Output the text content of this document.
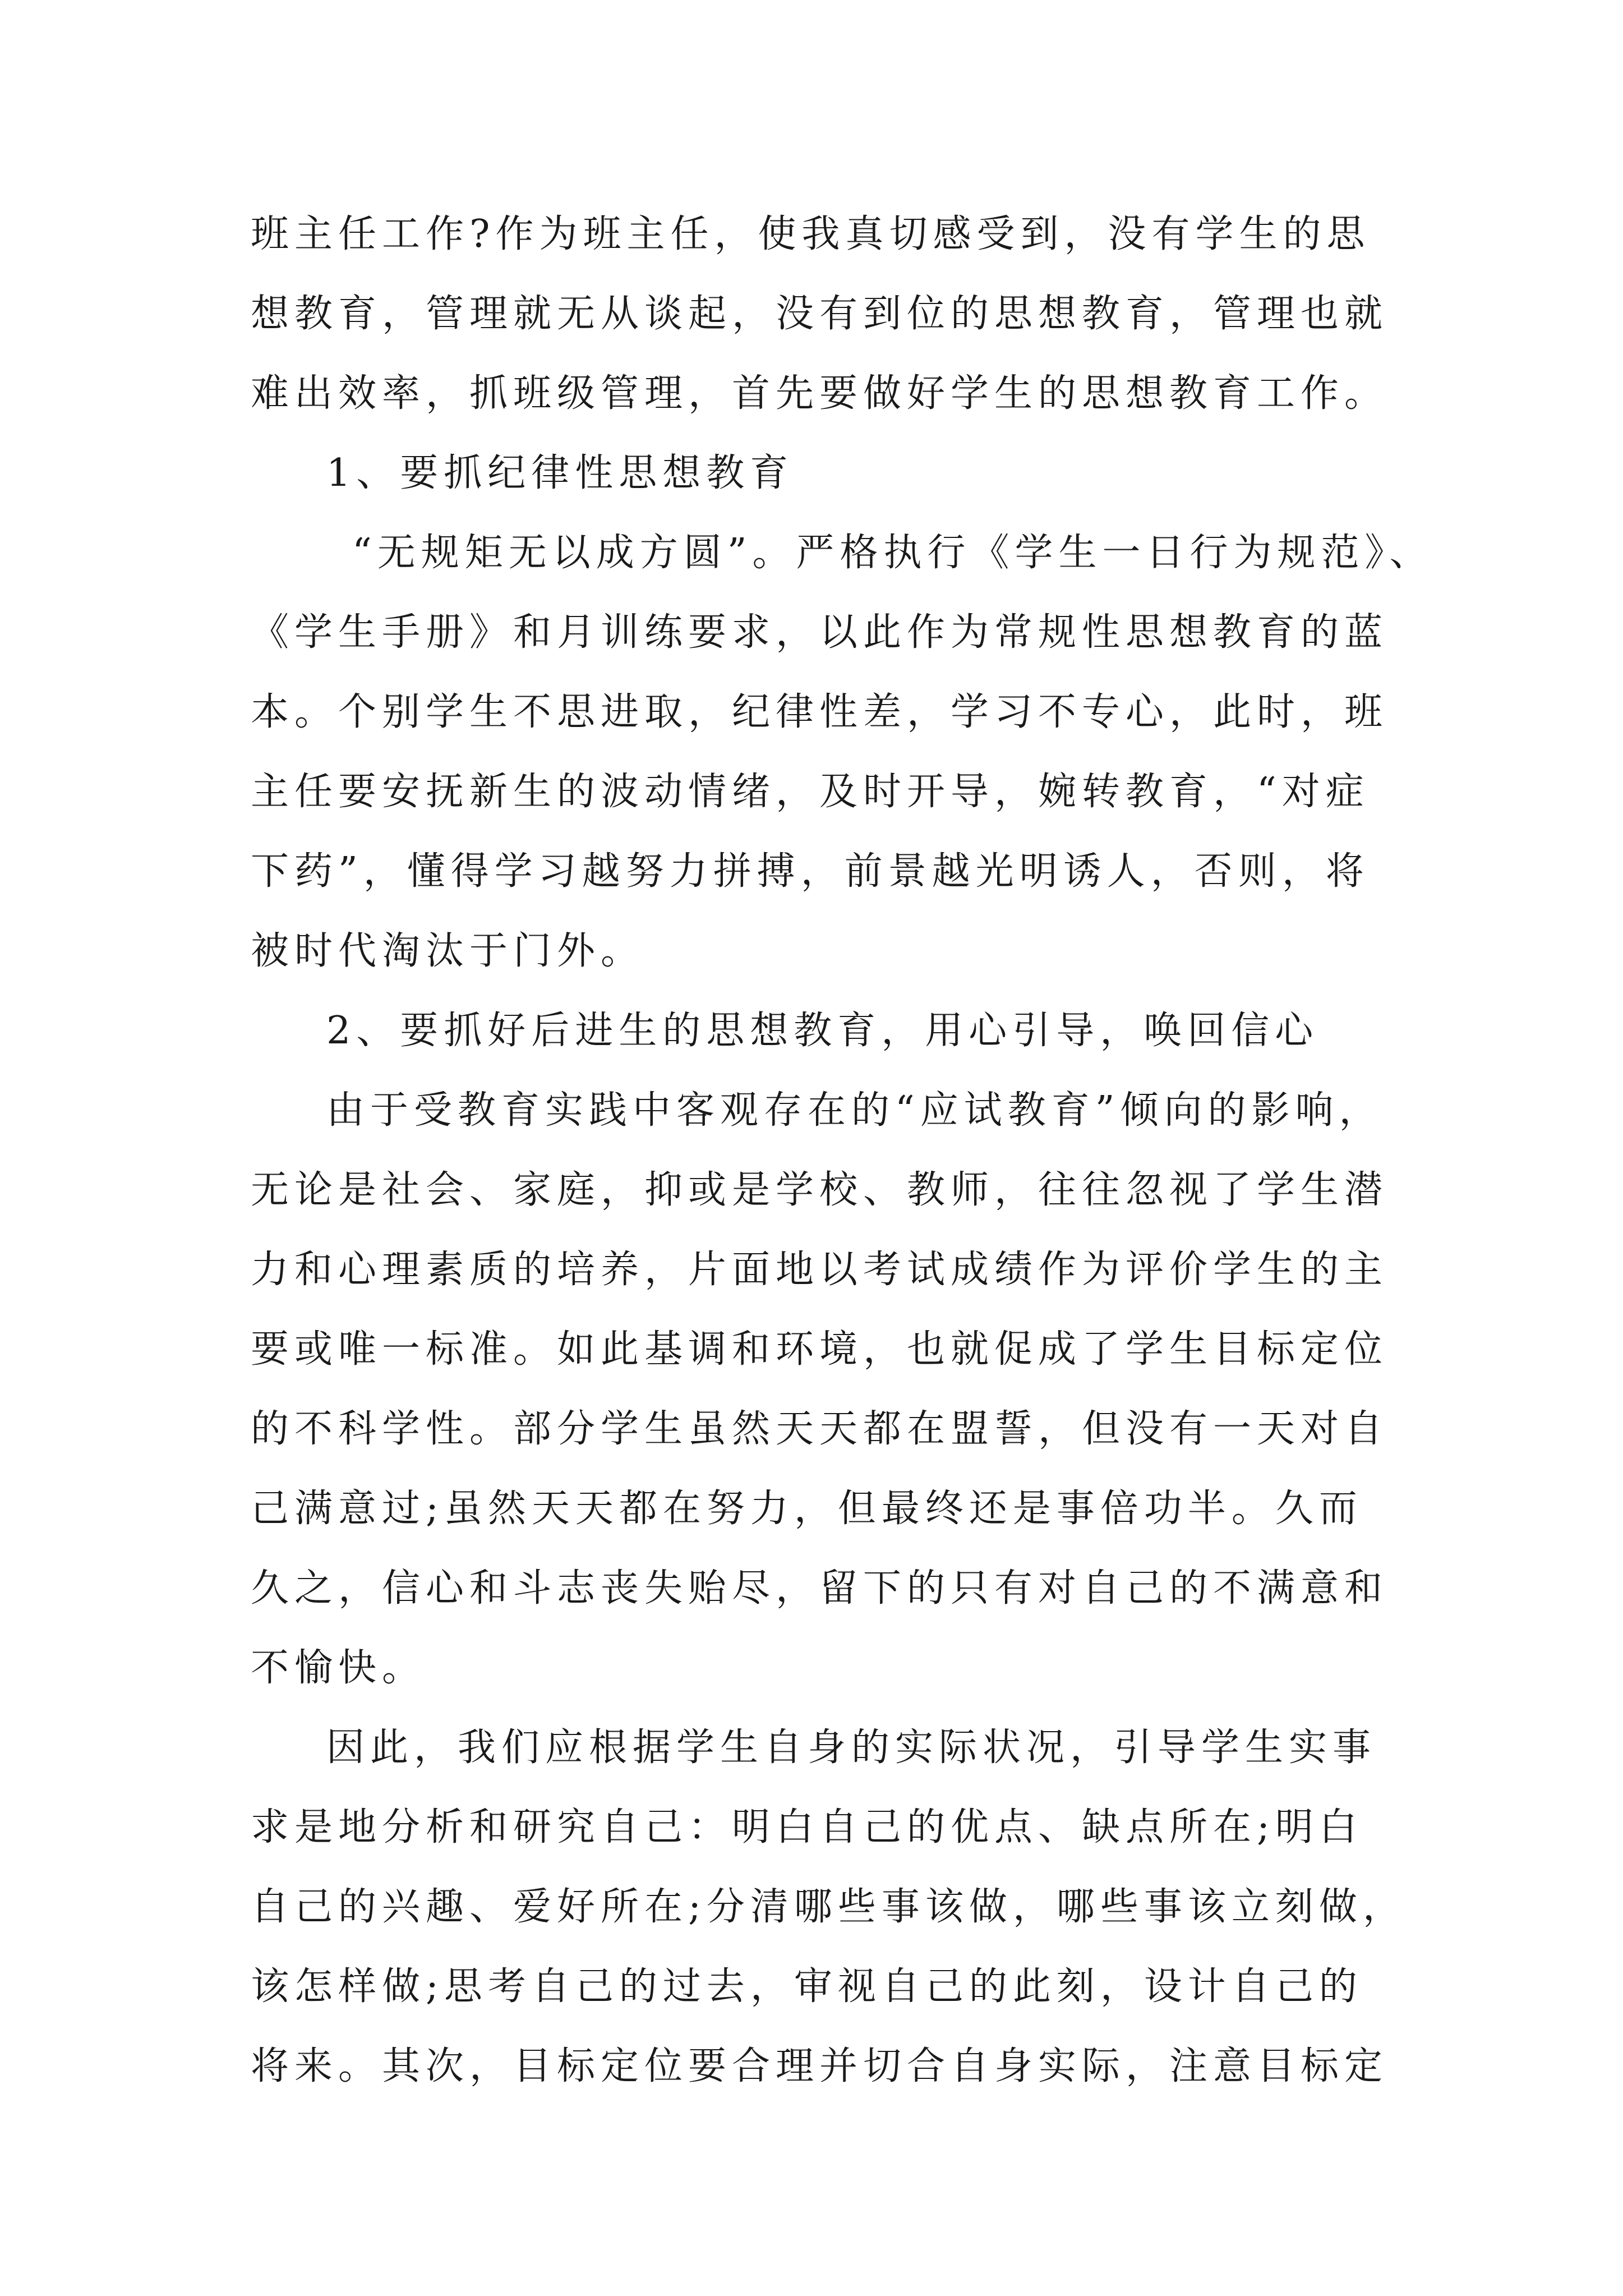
班主任工作?作为班主任，使我真切感受到，没有学生的思
想教育，管理就无从谈起，没有到位的思想教育，管理也就
难出效率，抓班级管理，首先要做好学生的思想教育工作。
1、要抓纪律性思想教育
“无规矩无以成方圆”。严格执行《学生一日行为规范》、
《学生手册》和月训练要求，以此作为常规性思想教育的蓝
本。个别学生不思进取，纪律性差，学习不专心，此时，班
主任要安抚新生的波动情绪，及时开导，婉转教育，“对症
下药”，懂得学习越努力拼搏，前景越光明诱人，否则，将
被时代淘汰于门外。
2、要抓好后进生的思想教育，用心引导，唤回信心
由于受教育实践中客观存在的“应试教育”倾向的影响，
无论是社会、家庭，抑或是学校、教师，往往忽视了学生潜
力和心理素质的培养，片面地以考试成绩作为评价学生的主
要或唯一标准。如此基调和环境，也就促成了学生目标定位
的不科学性。部分学生虽然天天都在盟誓，但没有一天对自
己满意过;虽然天天都在努力，但最终还是事倍功半。久而
久之，信心和斗志丧失贻尽，留下的只有对自己的不满意和
不愉快。
因此，我们应根据学生自身的实际状况，引导学生实事
求是地分析和研究自己：明白自己的优点、缺点所在;明白
自己的兴趣、爱好所在;分清哪些事该做，哪些事该立刻做，
该怎样做;思考自己的过去，审视自己的此刻，设计自己的
将来。其次，目标定位要合理并切合自身实际，注意目标定
